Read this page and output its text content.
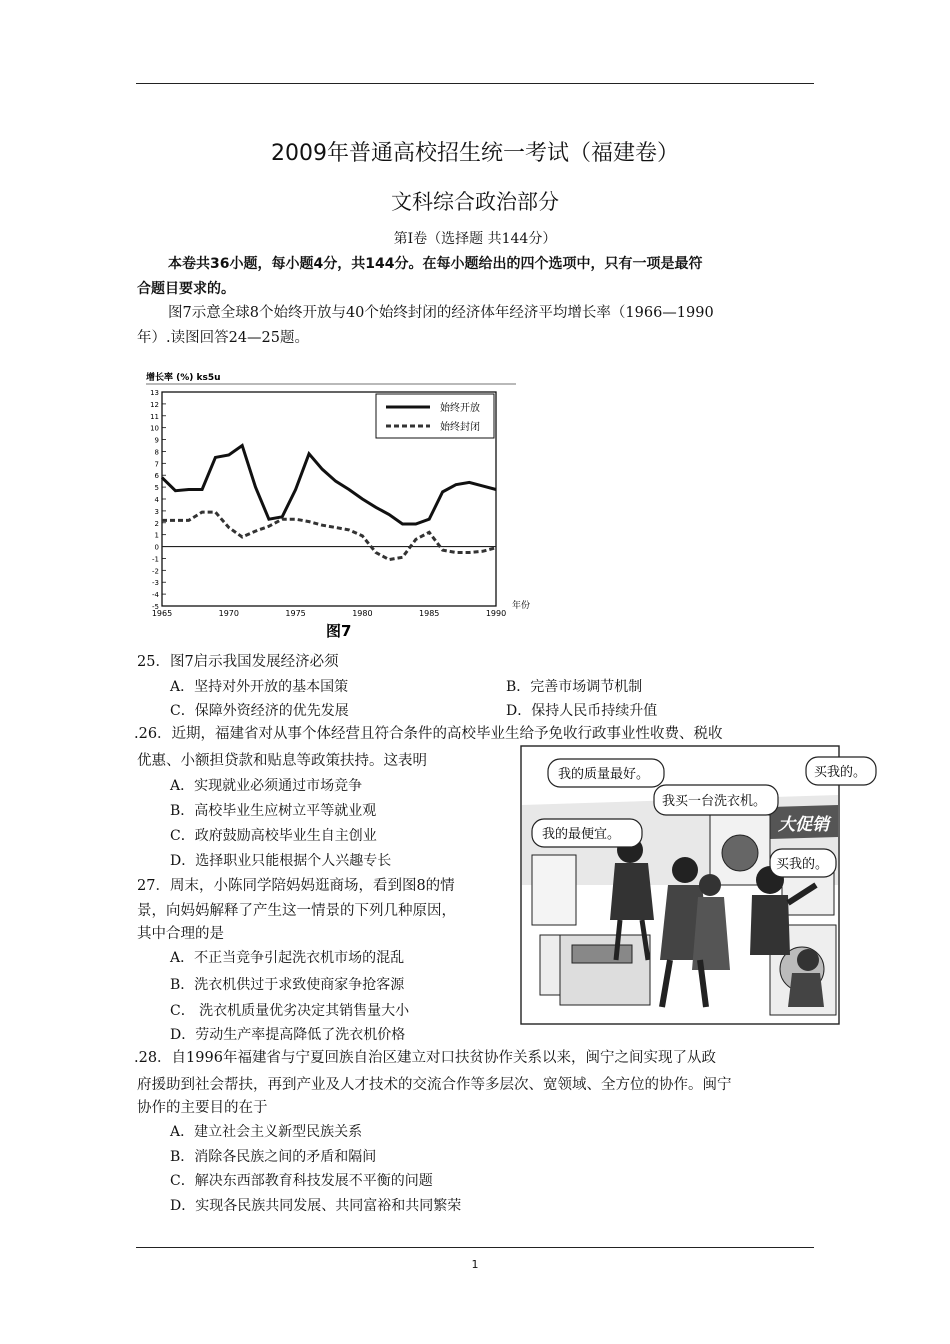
2009年普通高校招生统一考试（福建卷）
文科综合政治部分
第Ⅰ卷（选择题 共144分）
本卷共36小题，每小题4分，共144分。在每小题给出的四个选项中，只有一项是最符
合题目要求的。
图7示意全球8个始终开放与40个始终封闭的经济体年经济平均增长率（1966—1990
年）.读图回答24—25题。
13
12
11
10
9
8
7
6
5
4
3
2
1
0
-1
-2
-3
-4
-5
1965	1970	1975	1980	1985	1990
增长率 (%) ks5u
始终开放
始终封闭
年份
图7
25．图7启示我国发展经济必须
A．坚持对外开放的基本国策	B．完善市场调节机制
C．保障外资经济的优先发展	D．保持人民币持续升值
.26．近期，福建省对从事个体经营且符合条件的高校毕业生给予免收行政事业性收费、税收
优惠、小额担贷款和贴息等政策扶持。这表明
A．实现就业必须通过市场竞争
B．高校毕业生应树立平等就业观
C．政府鼓励高校毕业生自主创业
D．选择职业只能根据个人兴趣专长
27．周末，小陈同学陪妈妈逛商场，看到图8的情
景，向妈妈解释了产生这一情景的下列几种原因，
其中合理的是
A．不正当竞争引起洗衣机市场的混乱
B．洗衣机供过于求致使商家争抢客源
C． 洗衣机质量优劣决定其销售量大小
D．劳动生产率提高降低了洗衣机价格
大促销
我的质量最好。
我买一台洗衣机。
买我的。
我的最便宜。
买我的。
.28．自1996年福建省与宁夏回族自治区建立对口扶贫协作关系以来，闽宁之间实现了从政
府援助到社会帮扶，再到产业及人才技术的交流合作等多层次、宽领域、全方位的协作。闽宁
协作的主要目的在于
A．建立社会主义新型民族关系
B．消除各民族之间的矛盾和隔间
C．解决东西部教育科技发展不平衡的问题
D．实现各民族共同发展、共同富裕和共同繁荣
1
